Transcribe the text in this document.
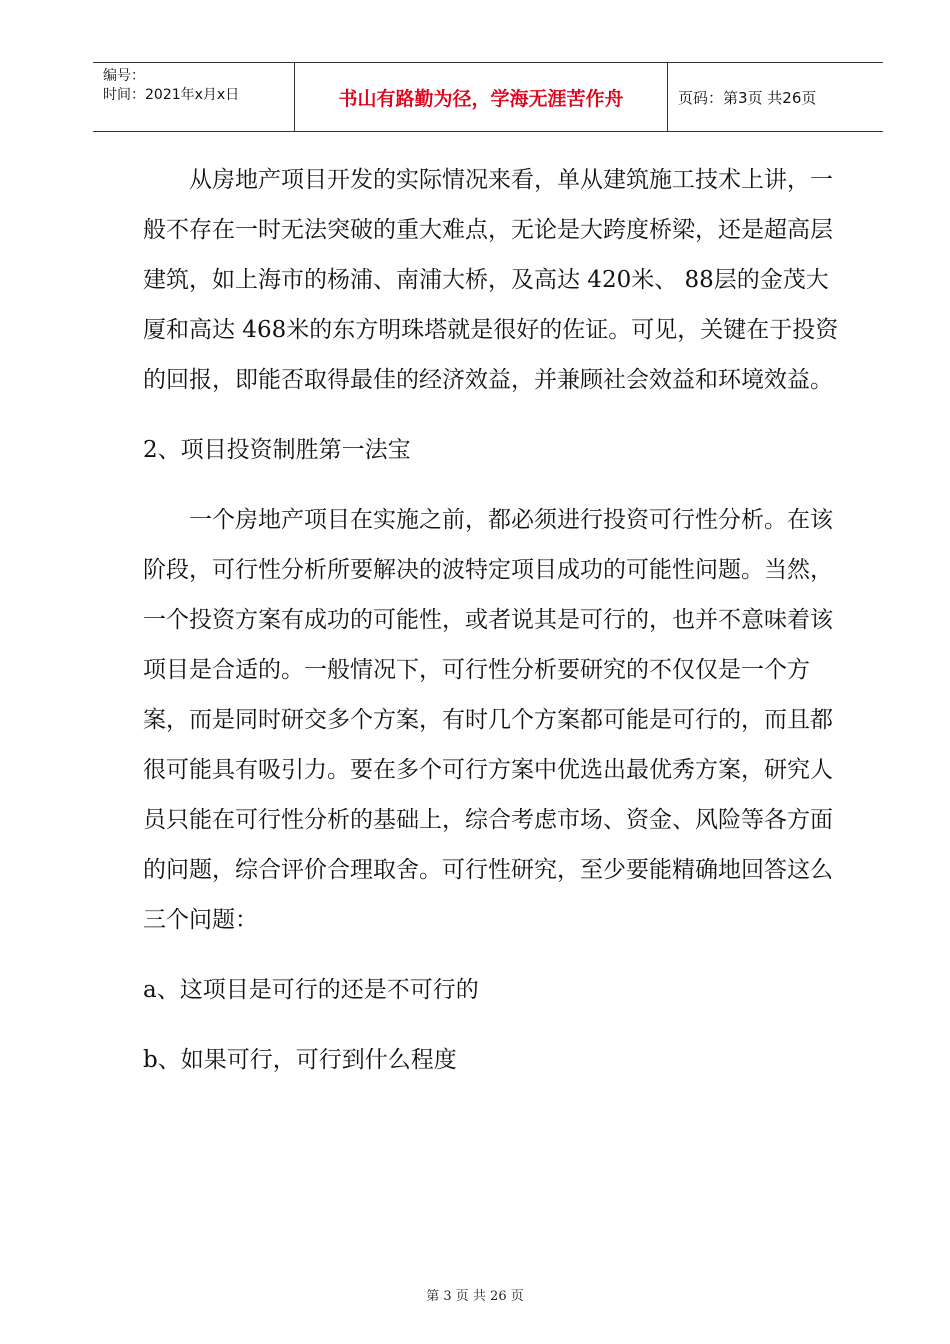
编号：
时间：2021年x月x日	书山有路勤为径，学海无涯苦作舟	页码：第3页 共26页

从房地产项目开发的实际情况来看，单从建筑施工技术上讲，一般不存在一时无法突破的重大难点，无论是大跨度桥梁，还是超高层建筑，如上海市的杨浦、南浦大桥，及高达 420米、 88层的金茂大厦和高达 468米的东方明珠塔就是很好的佐证。可见，关键在于投资的回报，即能否取得最佳的经济效益，并兼顾社会效益和环境效益。

2、项目投资制胜第一法宝

一个房地产项目在实施之前，都必须进行投资可行性分析。在该阶段，可行性分析所要解决的波特定项目成功的可能性问题。当然，一个投资方案有成功的可能性，或者说其是可行的，也并不意味着该项目是合适的。一般情况下，可行性分析要研究的不仅仅是一个方案，而是同时研交多个方案，有时几个方案都可能是可行的，而且都很可能具有吸引力。要在多个可行方案中优选出最优秀方案，研究人员只能在可行性分析的基础上，综合考虑市场、资金、风险等各方面的问题，综合评价合理取舍。可行性研究，至少要能精确地回答这么三个问题：

a、这项目是可行的还是不可行的

b、如果可行，可行到什么程度

第 3 页 共 26 页
